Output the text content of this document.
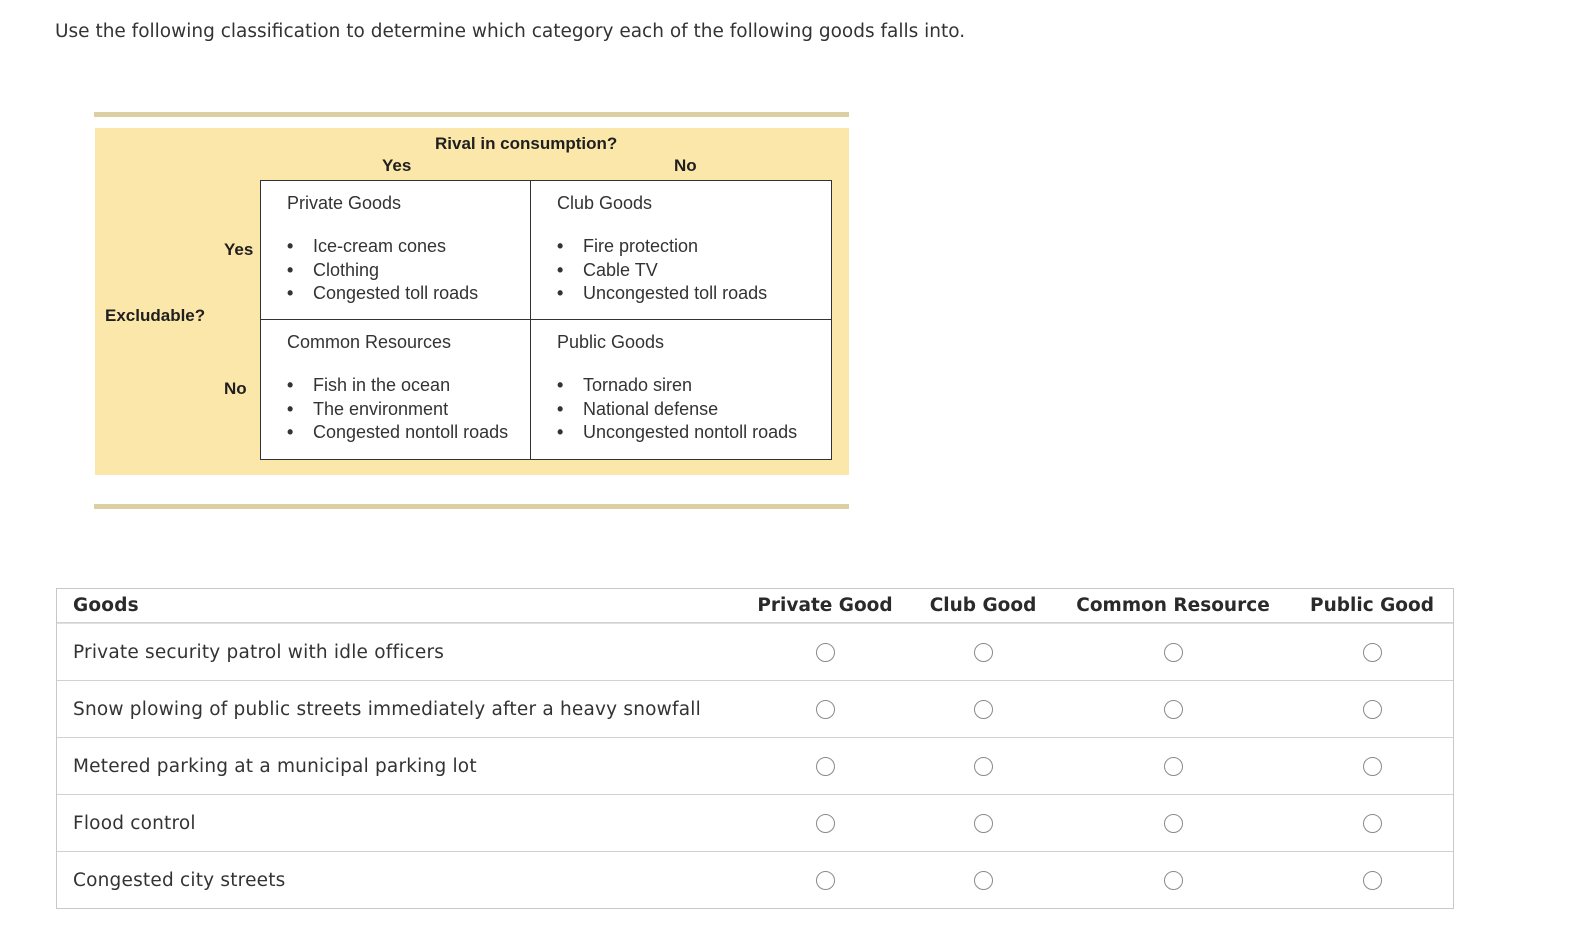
Use the following classification to determine which category each of the following goods falls into.
Rival in consumption?
Yes	No
Excludable?
Yes
No
Private Goods
• Ice-cream cones
• Clothing
• Congested toll roads
Club Goods
• Fire protection
• Cable TV
• Uncongested toll roads
Common Resources
• Fish in the ocean
• The environment
• Congested nontoll roads
Public Goods
• Tornado siren
• National defense
• Uncongested nontoll roads
Goods	Private Good Club Good Common Resource Public Good
Private security patrol with idle officers
Snow plowing of public streets immediately after a heavy snowfall
Metered parking at a municipal parking lot
Flood control
Congested city streets
